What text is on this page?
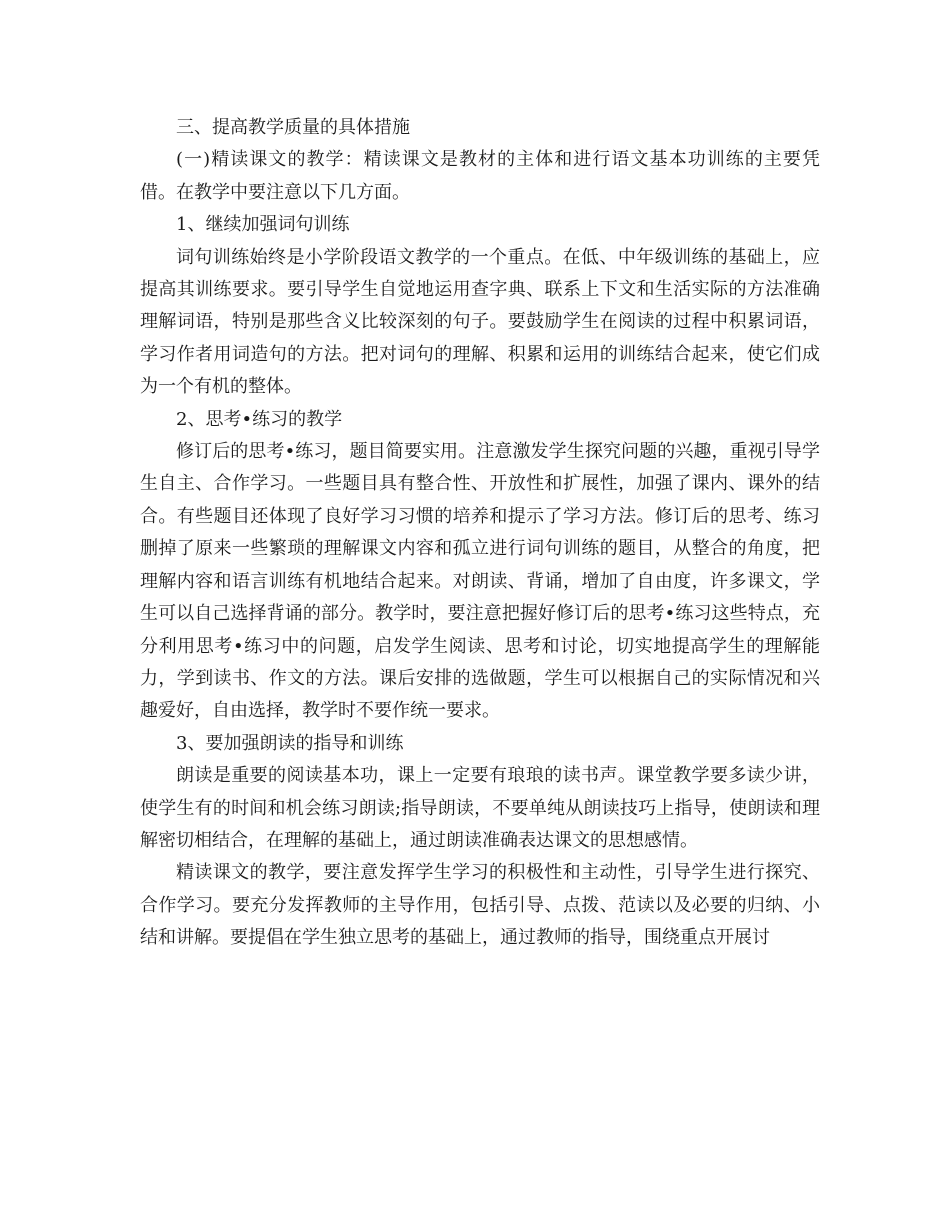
三、提高教学质量的具体措施

(一)精读课文的教学：精读课文是教材的主体和进行语文基本功训练的主要凭借。在教学中要注意以下几方面。

1、继续加强词句训练

词句训练始终是小学阶段语文教学的一个重点。在低、中年级训练的基础上，应提高其训练要求。要引导学生自觉地运用查字典、联系上下文和生活实际的方法准确理解词语，特别是那些含义比较深刻的句子。要鼓励学生在阅读的过程中积累词语，学习作者用词造句的方法。把对词句的理解、积累和运用的训练结合起来，使它们成为一个有机的整体。

2、思考•练习的教学

修订后的思考•练习，题目简要实用。注意激发学生探究问题的兴趣，重视引导学生自主、合作学习。一些题目具有整合性、开放性和扩展性，加强了课内、课外的结合。有些题目还体现了良好学习习惯的培养和提示了学习方法。修订后的思考、练习删掉了原来一些繁琐的理解课文内容和孤立进行词句训练的题目，从整合的角度，把理解内容和语言训练有机地结合起来。对朗读、背诵，增加了自由度，许多课文，学生可以自己选择背诵的部分。教学时，要注意把握好修订后的思考•练习这些特点，充分利用思考•练习中的问题，启发学生阅读、思考和讨论，切实地提高学生的理解能力，学到读书、作文的方法。课后安排的选做题，学生可以根据自己的实际情况和兴趣爱好，自由选择，教学时不要作统一要求。

3、要加强朗读的指导和训练

朗读是重要的阅读基本功，课上一定要有琅琅的读书声。课堂教学要多读少讲，使学生有的时间和机会练习朗读;指导朗读，不要单纯从朗读技巧上指导，使朗读和理解密切相结合，在理解的基础上，通过朗读准确表达课文的思想感情。

精读课文的教学，要注意发挥学生学习的积极性和主动性，引导学生进行探究、合作学习。要充分发挥教师的主导作用，包括引导、点拨、范读以及必要的归纳、小结和讲解。要提倡在学生独立思考的基础上，通过教师的指导，围绕重点开展讨
